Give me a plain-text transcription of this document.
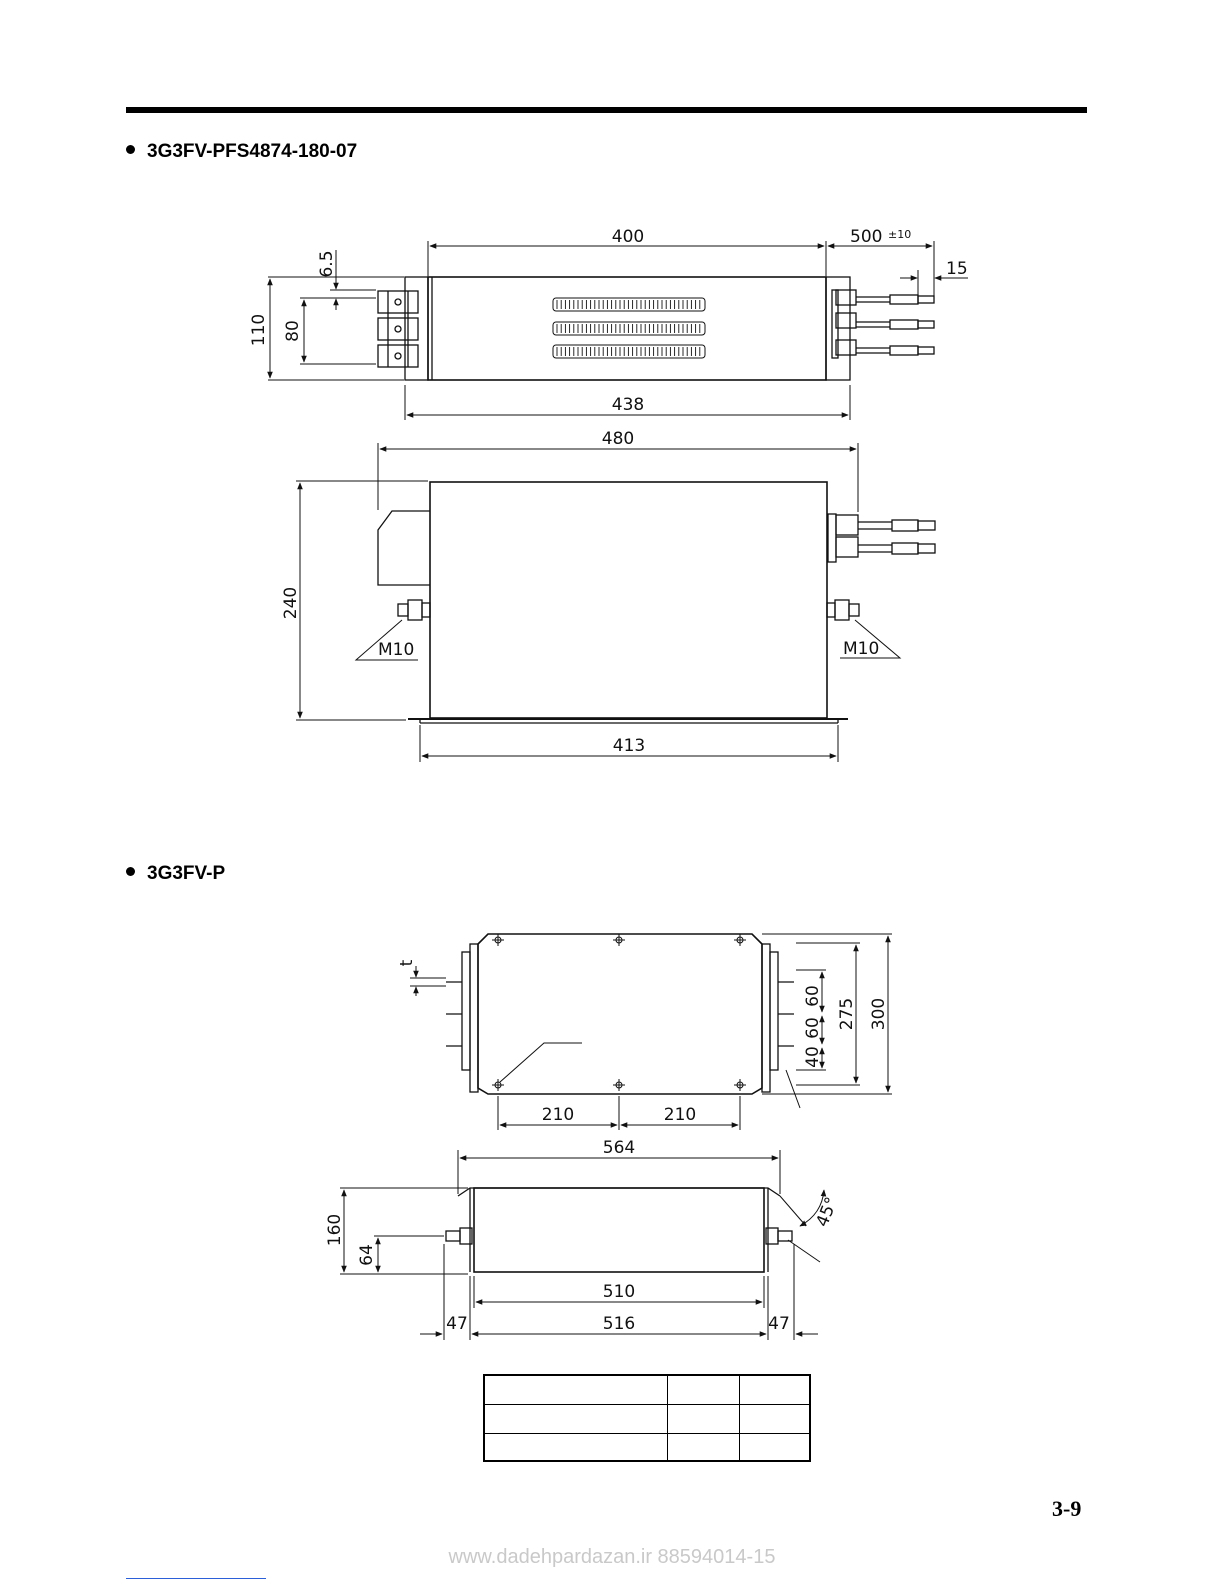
3G3FV-PFS4874-180-07
3G3FV-P
400	500 ±10
15
6.5
110 80
438
M10	M10
480
240
413
t
60
60
40
275 300
210	210
564
160
64
510
516
47	47
45°

3-9
www.dadehpardazan.ir 88594014-15
